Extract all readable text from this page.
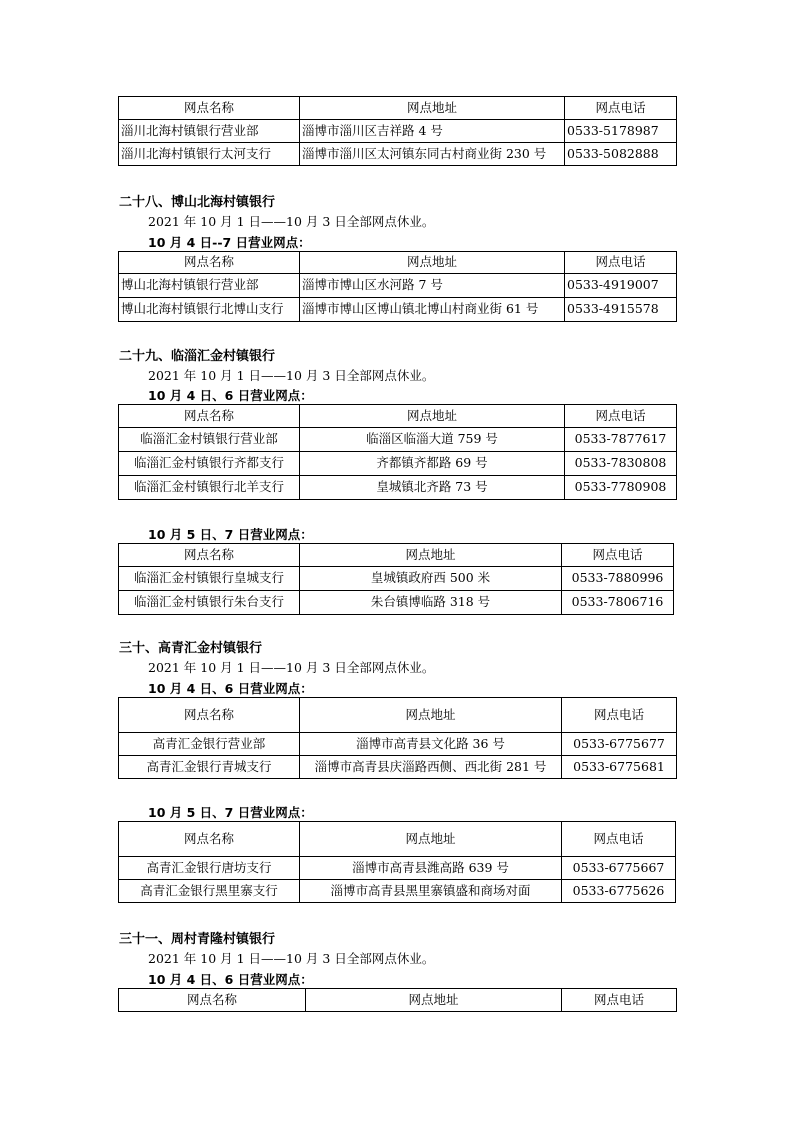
网点名称	网点地址	网点电话
淄川北海村镇银行营业部	淄博市淄川区吉祥路 4 号	0533-5178987
淄川北海村镇银行太河支行	淄博市淄川区太河镇东同古村商业街 230 号	0533-5082888
二十八、博山北海村镇银行
2021 年 10 月 1 日——10 月 3 日全部网点休业。
10 月 4 日--7 日营业网点：
网点名称	网点地址	网点电话
博山北海村镇银行营业部	淄博市博山区水河路 7 号	0533-4919007
博山北海村镇银行北博山支行	淄博市博山区博山镇北博山村商业街 61 号	0533-4915578
二十九、临淄汇金村镇银行
2021 年 10 月 1 日——10 月 3 日全部网点休业。
10 月 4 日、6 日营业网点：
网点名称	网点地址	网点电话
临淄汇金村镇银行营业部	临淄区临淄大道 759 号	0533-7877617
临淄汇金村镇银行齐都支行	齐都镇齐都路 69 号	0533-7830808
临淄汇金村镇银行北羊支行	皇城镇北齐路 73 号	0533-7780908
10 月 5 日、7 日营业网点：
网点名称	网点地址	网点电话
临淄汇金村镇银行皇城支行	皇城镇政府西 500 米	0533-7880996
临淄汇金村镇银行朱台支行	朱台镇博临路 318 号	0533-7806716
三十、高青汇金村镇银行
2021 年 10 月 1 日——10 月 3 日全部网点休业。
10 月 4 日、6 日营业网点：
网点名称	网点地址	网点电话
高青汇金银行营业部	淄博市高青县文化路 36 号	0533-6775677
高青汇金银行青城支行	淄博市高青县庆淄路西侧、西北街 281 号	0533-6775681
10 月 5 日、7 日营业网点：
网点名称	网点地址	网点电话
高青汇金银行唐坊支行	淄博市高青县潍高路 639 号	0533-6775667
高青汇金银行黑里寨支行	淄博市高青县黑里寨镇盛和商场对面	0533-6775626
三十一、周村青隆村镇银行
2021 年 10 月 1 日——10 月 3 日全部网点休业。
10 月 4 日、6 日营业网点：
网点名称	网点地址	网点电话
